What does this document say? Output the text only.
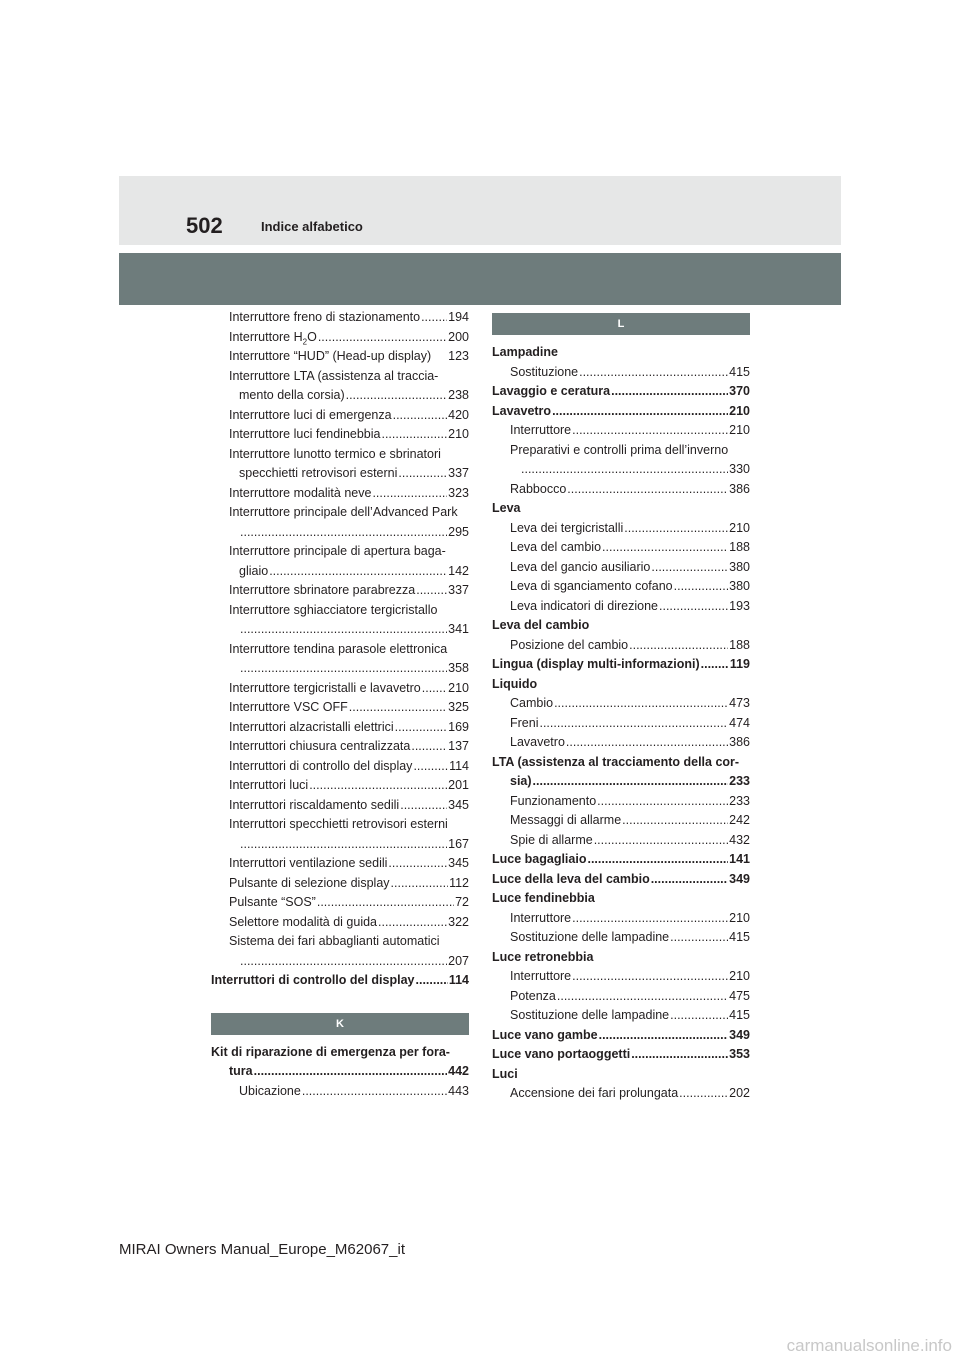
502	Indice alfabetico
Interruttore freno di stazionamento ..... 194
Interruttore $H_2O$ .....	200
Interruttore “HUD” (Head-up display) 123
Interruttore LTA (assistenza al traccia-
mento della corsia) .....	238
Interruttore luci di emergenza .....	420
Interruttore luci fendinebbia .....	210
Interruttore lunotto termico e sbrinatori
specchietti retrovisori esterni .....	337
Interruttore modalità neve .....	323
Interruttore principale dell’Advanced Park
.....
295
Interruttore principale di apertura baga-
gliaio .....	142
Interruttore sbrinatore parabrezza .....	337
Interruttore sghiacciatore tergicristallo
.....
341
Interruttore tendina parasole elettronica
.....
358
Interruttore tergicristalli e lavavetro ..... 210
Interruttore VSC OFF .....	325
Interruttori alzacristalli elettrici .....	169
Interruttori chiusura centralizzata .....	137
Interruttori di controllo del display .....	114
Interruttori luci .....	201
Interruttori riscaldamento sedili .....	345
Interruttori specchietti retrovisori esterni
.....
167
Interruttori ventilazione sedili .....	345
Pulsante di selezione display .....	112
Pulsante “SOS” .....	72
Selettore modalità di guida .....	322
Sistema dei fari abbaglianti automatici
.....
207
Interruttori di controllo del display .....	114
K
Kit di riparazione di emergenza per fora-
tura .....	442
Ubicazione .....	443
L
Lampadine
Sostituzione .....	415
Lavaggio e ceratura .....	370
Lavavetro .....	210
Interruttore .....	210
Preparativi e controlli prima dell’inverno
.....
330
Rabbocco .....	386
Leva
Leva dei tergicristalli .....	210
Leva del cambio .....	188
Leva del gancio ausiliario .....	380
Leva di sganciamento cofano .....	380
Leva indicatori di direzione .....	193
Leva del cambio
Posizione del cambio .....	188
Lingua (display multi-informazioni) ..... 119
Liquido
Cambio .....	473
Freni .....	474
Lavavetro .....	386
LTA (assistenza al tracciamento della cor-
sia) .....	233
Funzionamento .....	233
Messaggi di allarme .....	242
Spie di allarme .....	432
Luce bagagliaio .....	141
Luce della leva del cambio .....	349
Luce fendinebbia
Interruttore .....	210
Sostituzione delle lampadine .....	415
Luce retronebbia
Interruttore .....	210
Potenza .....	475
Sostituzione delle lampadine .....	415
Luce vano gambe .....	349
Luce vano portaoggetti .....	353
Luci
Accensione dei fari prolungata .....	202
MIRAI Owners Manual_Europe_M62067_it
carmanualsonline.info
